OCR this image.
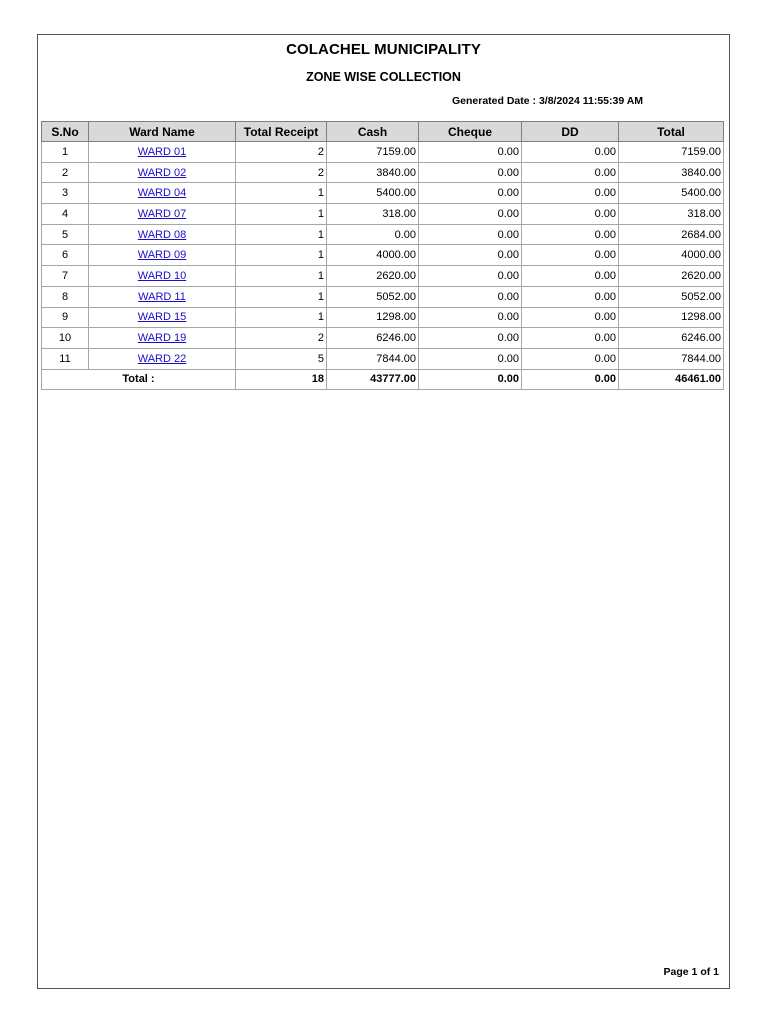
COLACHEL MUNICIPALITY
ZONE WISE COLLECTION
Generated Date : 3/8/2024 11:55:39 AM
S.No	Ward Name	Total Receipt	Cash	Cheque	DD	Total
1	WARD 01	2	7159.00	0.00	0.00	7159.00
2	WARD 02	2	3840.00	0.00	0.00	3840.00
3	WARD 04	1	5400.00	0.00	0.00	5400.00
4	WARD 07	1	318.00	0.00	0.00	318.00
5	WARD 08	1	0.00	0.00	0.00	2684.00
6	WARD 09	1	4000.00	0.00	0.00	4000.00
7	WARD 10	1	2620.00	0.00	0.00	2620.00
8	WARD 11	1	5052.00	0.00	0.00	5052.00
9	WARD 15	1	1298.00	0.00	0.00	1298.00
10	WARD 19	2	6246.00	0.00	0.00	6246.00
11	WARD 22	5	7844.00	0.00	0.00	7844.00
Total :		18	43777.00	0.00	0.00	46461.00
Page 1 of 1
